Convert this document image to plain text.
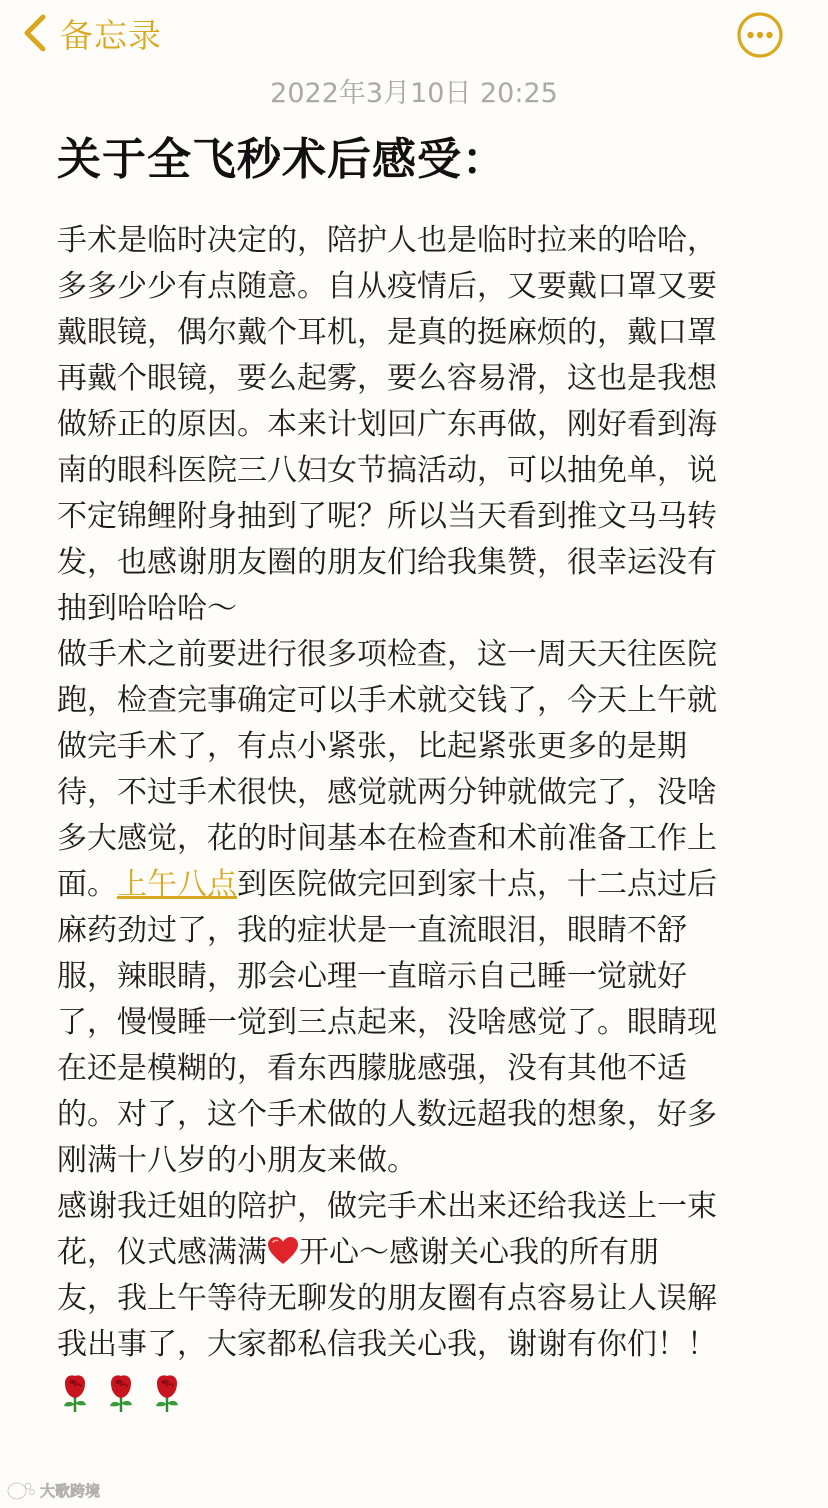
备忘录
2022年3月10日 20:25
关于全飞秒术后感受：
手术是临时决定的，陪护人也是临时拉来的哈哈，
多多少少有点随意。自从疫情后，又要戴口罩又要
戴眼镜，偶尔戴个耳机，是真的挺麻烦的，戴口罩
再戴个眼镜，要么起雾，要么容易滑，这也是我想
做矫正的原因。本来计划回广东再做，刚好看到海
南的眼科医院三八妇女节搞活动，可以抽免单，说
不定锦鲤附身抽到了呢？所以当天看到推文马马转
发，也感谢朋友圈的朋友们给我集赞，很幸运没有
抽到哈哈哈～
做手术之前要进行很多项检查，这一周天天往医院
跑，检查完事确定可以手术就交钱了，今天上午就
做完手术了，有点小紧张，比起紧张更多的是期
待，不过手术很快，感觉就两分钟就做完了，没啥
多大感觉，花的时间基本在检查和术前准备工作上
面。上午八点到医院做完回到家十点，十二点过后
麻药劲过了，我的症状是一直流眼泪，眼睛不舒
服，辣眼睛，那会心理一直暗示自己睡一觉就好
了，慢慢睡一觉到三点起来，没啥感觉了。眼睛现
在还是模糊的，看东西朦胧感强，没有其他不适
的。对了，这个手术做的人数远超我的想象，好多
刚满十八岁的小朋友来做。
感谢我迁姐的陪护，做完手术出来还给我送上一束
花，仪式感满满 开心～感谢关心我的所有朋
友，我上午等待无聊发的朋友圈有点容易让人误解
我出事了，大家都私信我关心我，谢谢有你们！！
大歌跨境
